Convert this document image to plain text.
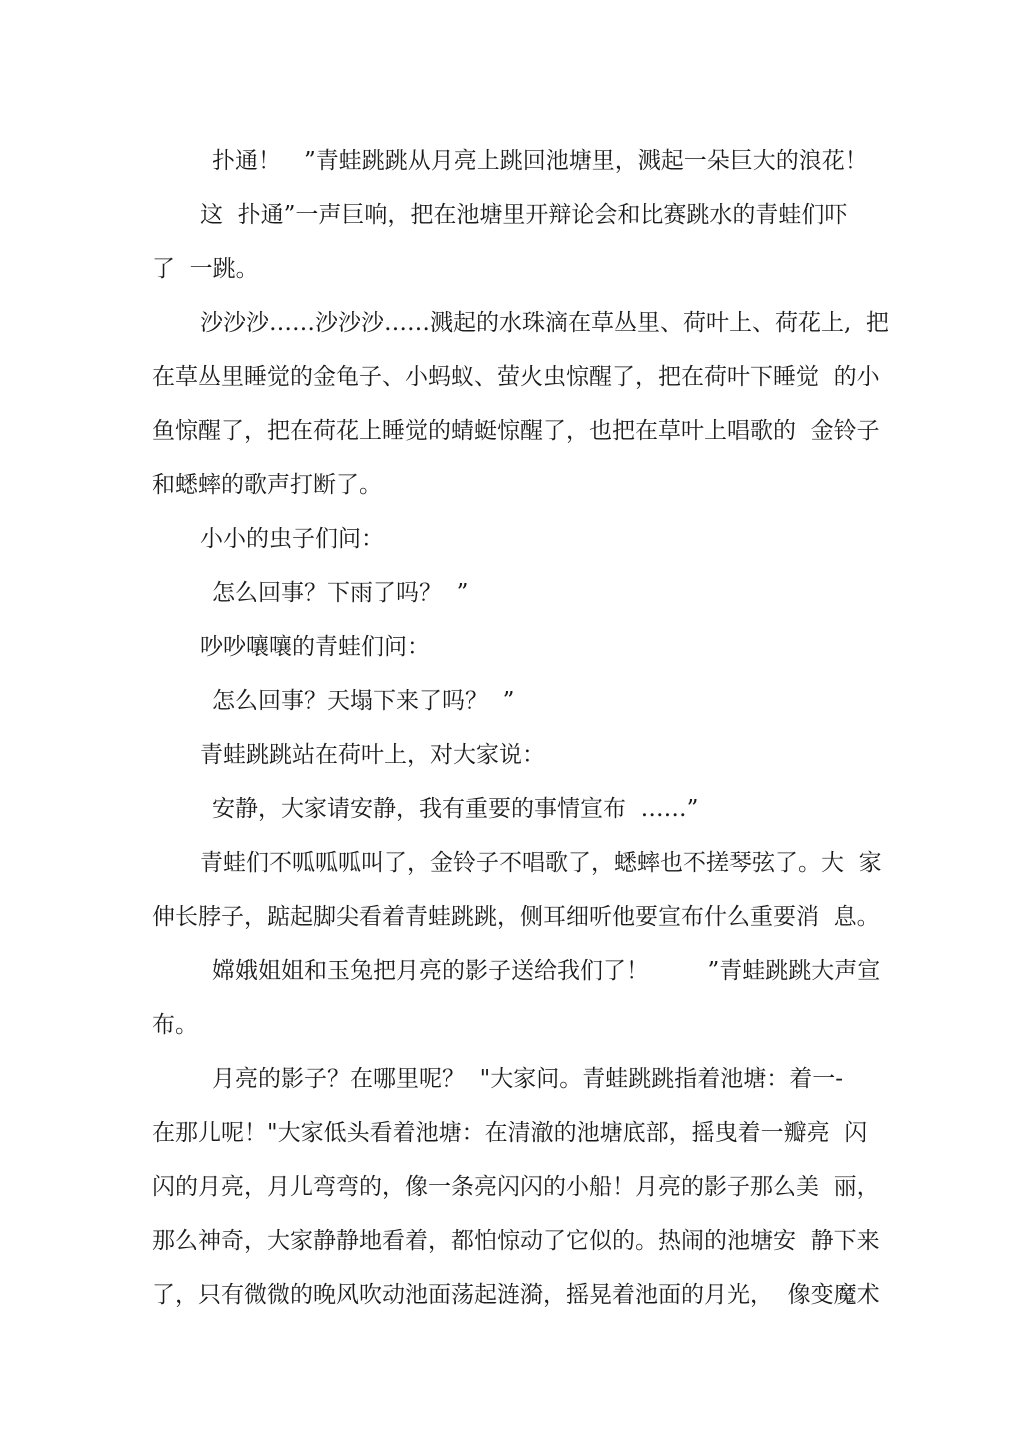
扑通！　”青蛙跳跳从月亮上跳回池塘里，溅起一朵巨大的浪花！
这  扑通”一声巨响，把在池塘里开辩论会和比赛跳水的青蛙们吓
了  一跳。
沙沙沙……沙沙沙……溅起的水珠滴在草丛里、荷叶上、荷花上,  把
在草丛里睡觉的金龟子、小蚂蚁、萤火虫惊醒了，把在荷叶下睡觉  的小
鱼惊醒了，把在荷花上睡觉的蜻蜓惊醒了，也把在草叶上唱歌的  金铃子
和蟋蟀的歌声打断了。
小小的虫子们问：
怎么回事？下雨了吗？  ”
吵吵嚷嚷的青蛙们问：
怎么回事？天塌下来了吗？  ”
青蛙跳跳站在荷叶上，对大家说：
安静，大家请安静，我有重要的事情宣布  ……”
青蛙们不呱呱呱叫了，金铃子不唱歌了，蟋蟀也不搓琴弦了。大  家
伸长脖子，踮起脚尖看着青蛙跳跳，侧耳细听他要宣布什么重要消  息。
嫦娥姐姐和玉兔把月亮的影子送给我们了！        ”青蛙跳跳大声宣
布。
月亮的影子？在哪里呢？  "大家问。青蛙跳跳指着池塘：着一-
在那儿呢！"大家低头看着池塘：在清澈的池塘底部，摇曳着一瓣亮  闪
闪的月亮，月儿弯弯的，像一条亮闪闪的小船！月亮的影子那么美  丽，
那么神奇，大家静静地看着，都怕惊动了它似的。热闹的池塘安  静下来
了，只有微微的晚风吹动池面荡起涟漪，摇晃着池面的月光，  像变魔术
